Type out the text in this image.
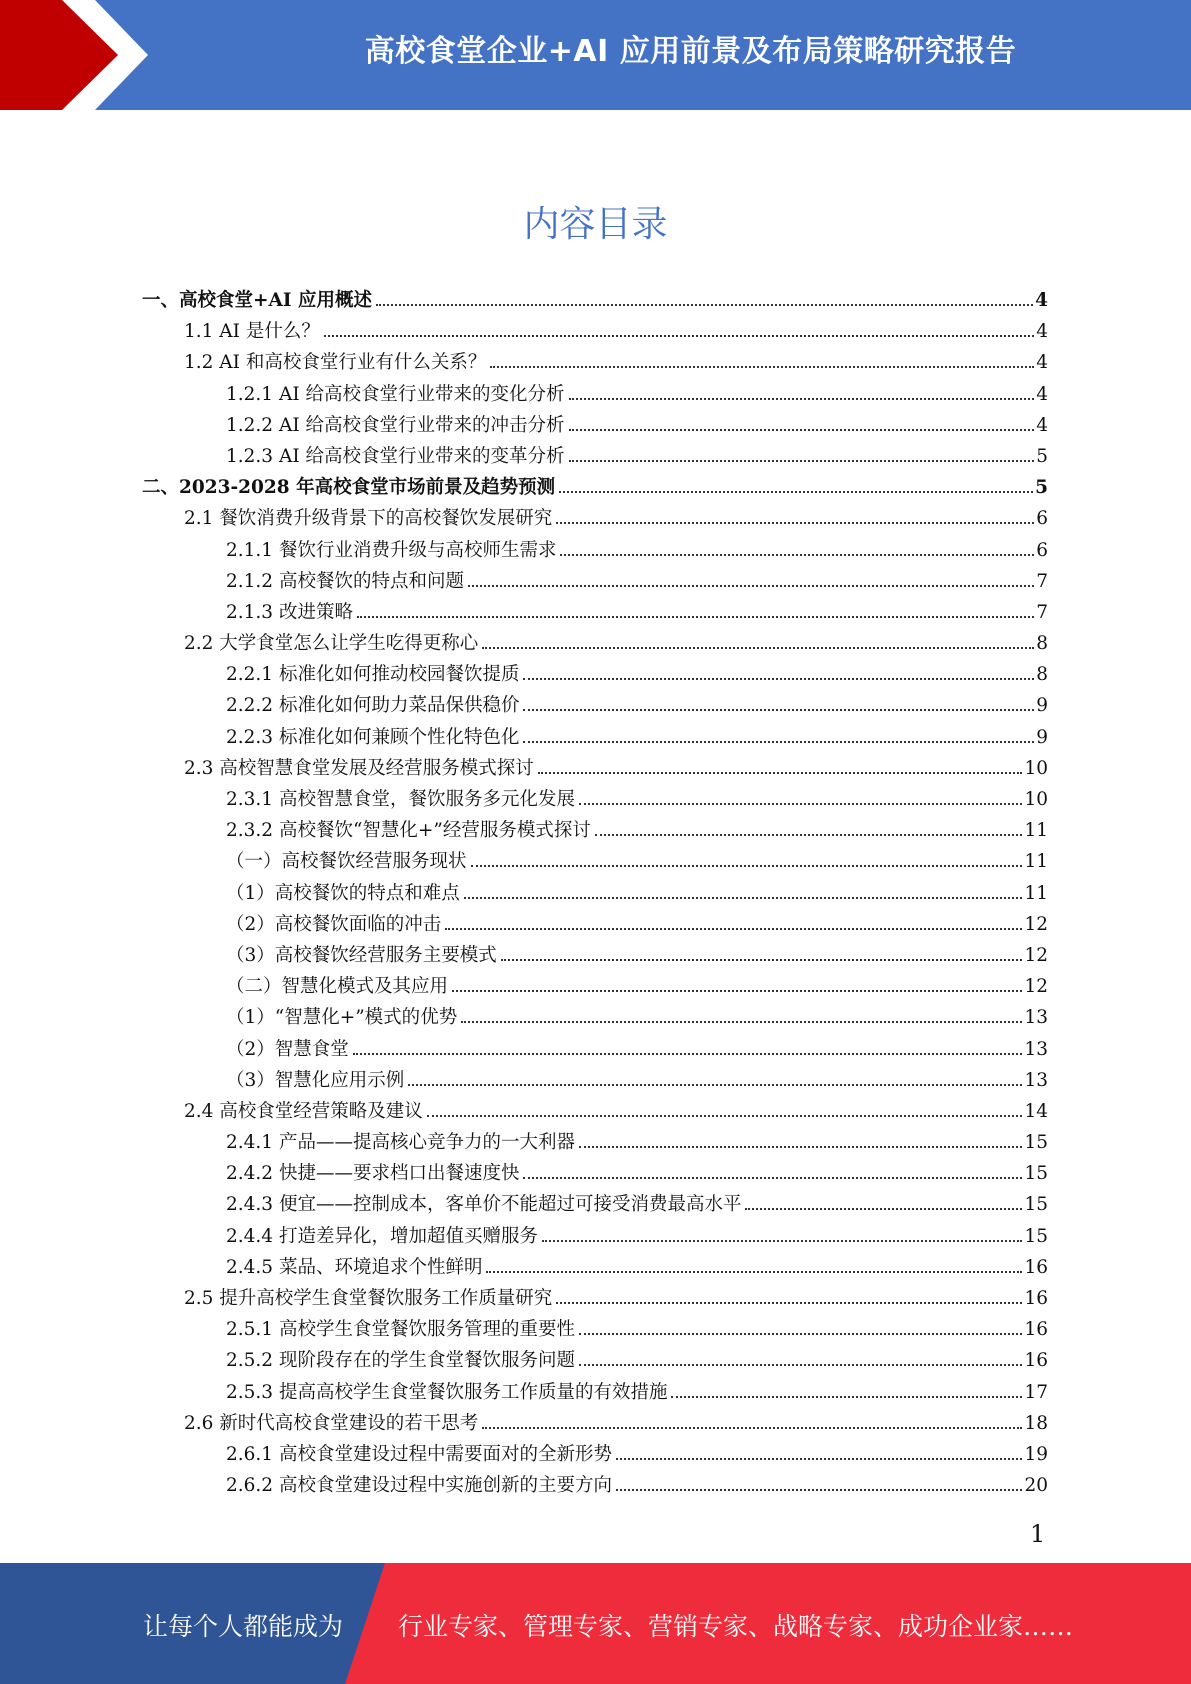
高校食堂企业+AI 应用前景及布局策略研究报告
内容目录
一、高校食堂+AI 应用概述	4
1.1 AI 是什么？	4
1.2 AI 和高校食堂行业有什么关系？	4
1.2.1 AI 给高校食堂行业带来的变化分析	4
1.2.2 AI 给高校食堂行业带来的冲击分析	4
1.2.3 AI 给高校食堂行业带来的变革分析	5
二、2023-2028 年高校食堂市场前景及趋势预测	5
2.1 餐饮消费升级背景下的高校餐饮发展研究	6
2.1.1 餐饮行业消费升级与高校师生需求	6
2.1.2 高校餐饮的特点和问题	7
2.1.3 改进策略	7
2.2 大学食堂怎么让学生吃得更称心	8
2.2.1 标准化如何推动校园餐饮提质	8
2.2.2 标准化如何助力菜品保供稳价	9
2.2.3 标准化如何兼顾个性化特色化	9
2.3 高校智慧食堂发展及经营服务模式探讨	10
2.3.1 高校智慧食堂，餐饮服务多元化发展	10
2.3.2 高校餐饮“智慧化+”经营服务模式探讨	11
（一）高校餐饮经营服务现状	11
（1）高校餐饮的特点和难点	11
（2）高校餐饮面临的冲击	12
（3）高校餐饮经营服务主要模式	12
（二）智慧化模式及其应用	12
（1）“智慧化+”模式的优势	13
（2）智慧食堂	13
（3）智慧化应用示例	13
2.4 高校食堂经营策略及建议	14
2.4.1 产品——提高核心竞争力的一大利器	15
2.4.2 快捷——要求档口出餐速度快	15
2.4.3 便宜——控制成本，客单价不能超过可接受消费最高水平	15
2.4.4 打造差异化，增加超值买赠服务	15
2.4.5 菜品、环境追求个性鲜明	16
2.5 提升高校学生食堂餐饮服务工作质量研究	16
2.5.1 高校学生食堂餐饮服务管理的重要性	16
2.5.2 现阶段存在的学生食堂餐饮服务问题	16
2.5.3 提高高校学生食堂餐饮服务工作质量的有效措施	17
2.6 新时代高校食堂建设的若干思考	18
2.6.1 高校食堂建设过程中需要面对的全新形势	19
2.6.2 高校食堂建设过程中实施创新的主要方向	20
1
让每个人都能成为 行业专家、管理专家、营销专家、战略专家、成功企业家……
